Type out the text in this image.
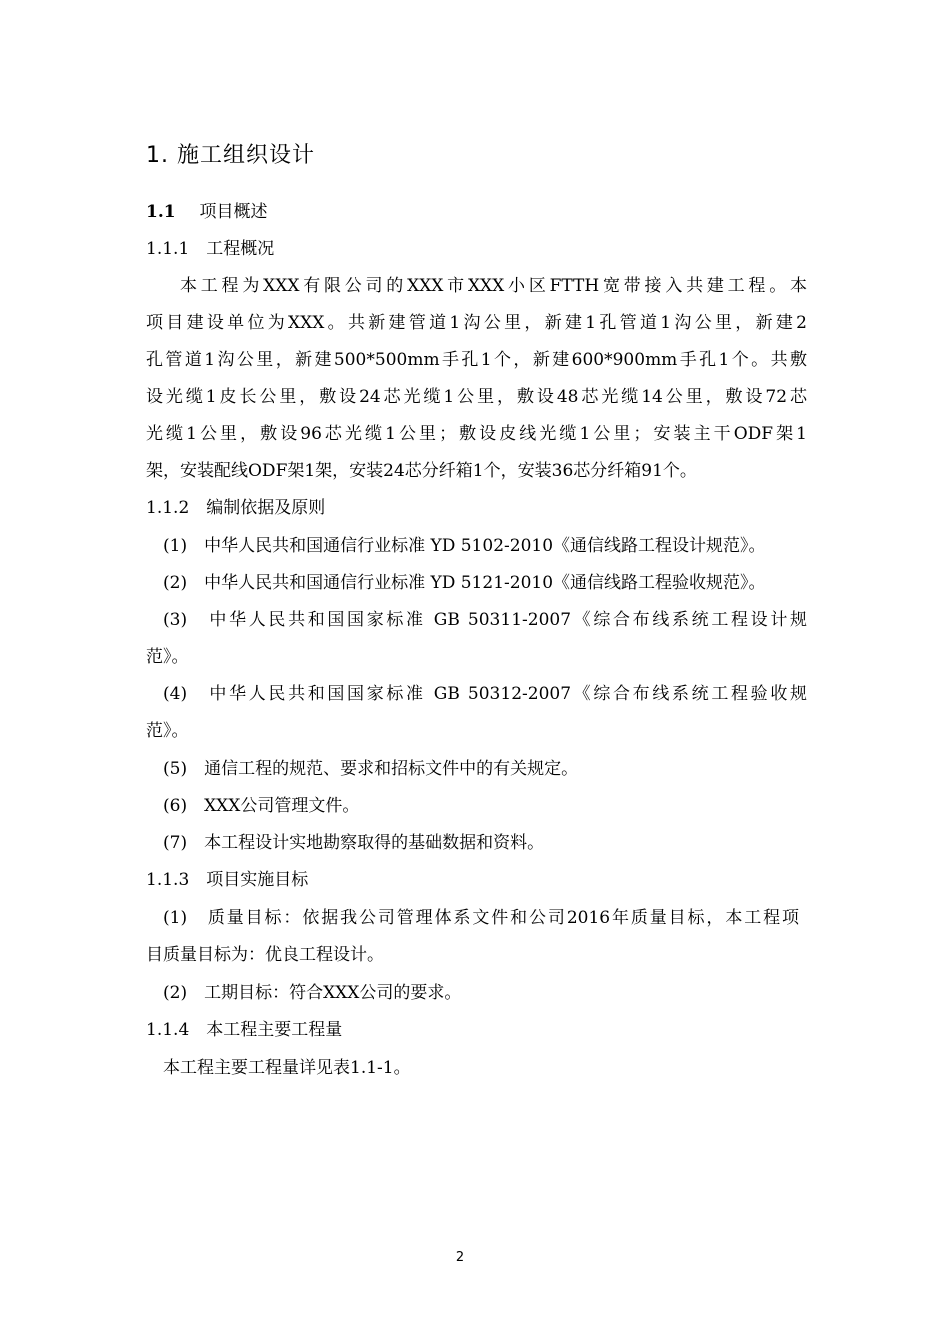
1. 施工组织设计
1.1 项目概述
1.1.1　工程概况
本工程为XXX有限公司的XXX市XXX小区FTTH宽带接入共建工程。本
项目建设单位为XXX。共新建管道1沟公里，新建1孔管道1沟公里，新建2
孔管道1沟公里，新建500*500mm手孔1个，新建600*900mm手孔1个。共敷
设光缆1皮长公里，敷设24芯光缆1公里，敷设48芯光缆14公里，敷设72芯
光缆1公里，敷设96芯光缆1公里；敷设皮线光缆1公里；安装主干ODF架1
架，安装配线ODF架1架，安装24芯分纤箱1个，安装36芯分纤箱91个。
1.1.2　编制依据及原则
(1)　中华人民共和国通信行业标准 YD 5102-2010《通信线路工程设计规范》。
(2)　中华人民共和国通信行业标准 YD 5121-2010《通信线路工程验收规范》。
(3)　中华人民共和国国家标准 GB 50311-2007《综合布线系统工程设计规
范》。
(4)　中华人民共和国国家标准 GB 50312-2007《综合布线系统工程验收规
范》。
(5)　通信工程的规范、要求和招标文件中的有关规定。
(6)　XXX公司管理文件。
(7)　本工程设计实地勘察取得的基础数据和资料。
1.1.3　项目实施目标
(1)　质量目标：依据我公司管理体系文件和公司2016年质量目标，本工程项
目质量目标为：优良工程设计。
(2)　工期目标：符合XXX公司的要求。
1.1.4　本工程主要工程量
本工程主要工程量详见表1.1-1。
2
